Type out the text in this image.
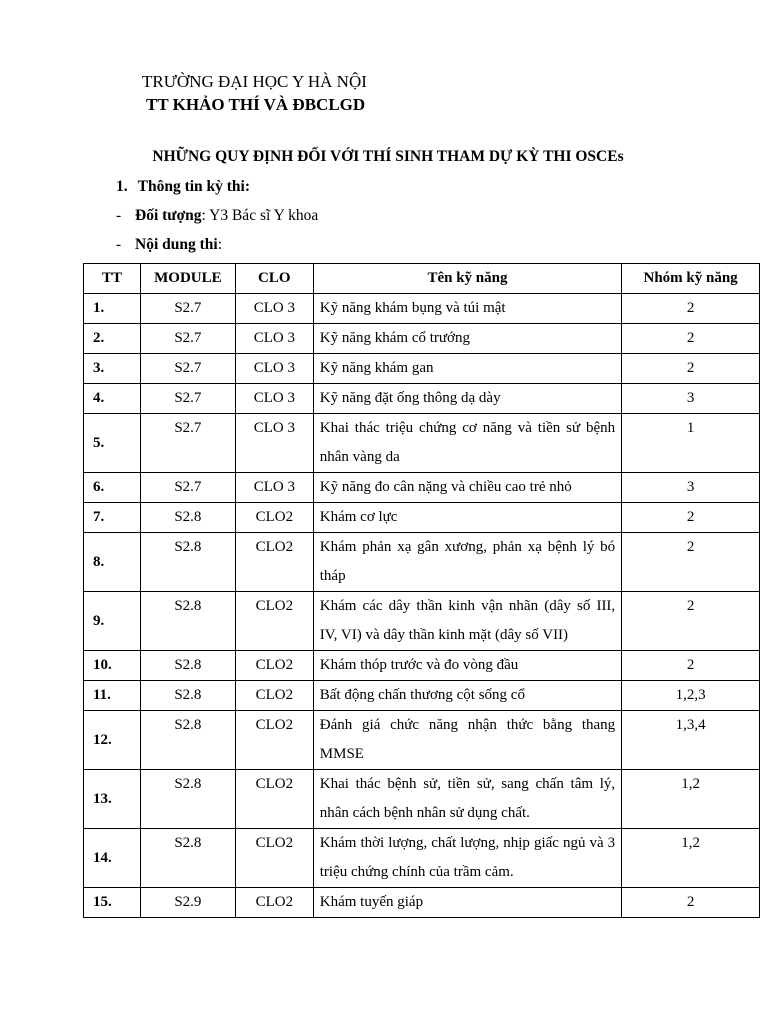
TRƯỜNG ĐẠI HỌC Y HÀ NỘI
TT KHẢO THÍ VÀ ĐBCLGD
NHỮNG QUY ĐỊNH ĐỐI VỚI THÍ SINH THAM DỰ KỲ THI OSCEs
1. Thông tin kỳ thi:
- Đối tượng: Y3 Bác sĩ Y khoa
- Nội dung thi:
TT	MODULE	CLO	Tên kỹ năng	Nhóm kỹ năng
1.	S2.7	CLO 3	Kỹ năng khám bụng và túi mật	2
2.	S2.7	CLO 3	Kỹ năng khám cổ trướng	2
3.	S2.7	CLO 3	Kỹ năng khám gan	2
4.	S2.7	CLO 3	Kỹ năng đặt ống thông dạ dày	3
5.	S2.7	CLO 3	Khai thác triệu chứng cơ năng và tiền sử bệnh nhân vàng da	1
6.	S2.7	CLO 3	Kỹ năng đo cân nặng và chiều cao trẻ nhỏ	3
7.	S2.8	CLO2	Khám cơ lực	2
8.	S2.8	CLO2	Khám phản xạ gân xương, phản xạ bệnh lý bó tháp	2
9.	S2.8	CLO2	Khám các dây thần kinh vận nhãn (dây số III, IV, VI) và dây thần kinh mặt (dây số VII)	2
10.	S2.8	CLO2	Khám thóp trước và đo vòng đầu	2
11.	S2.8	CLO2	Bất động chấn thương cột sống cổ	1,2,3
12.	S2.8	CLO2	Đánh giá chức năng nhận thức bằng thang MMSE	1,3,4
13.	S2.8	CLO2	Khai thác bệnh sử, tiền sử, sang chấn tâm lý, nhân cách bệnh nhân sử dụng chất.	1,2
14.	S2.8	CLO2	Khám thời lượng, chất lượng, nhịp giấc ngủ và 3 triệu chứng chính của trầm cảm.	1,2
15.	S2.9	CLO2	Khám tuyến giáp	2
